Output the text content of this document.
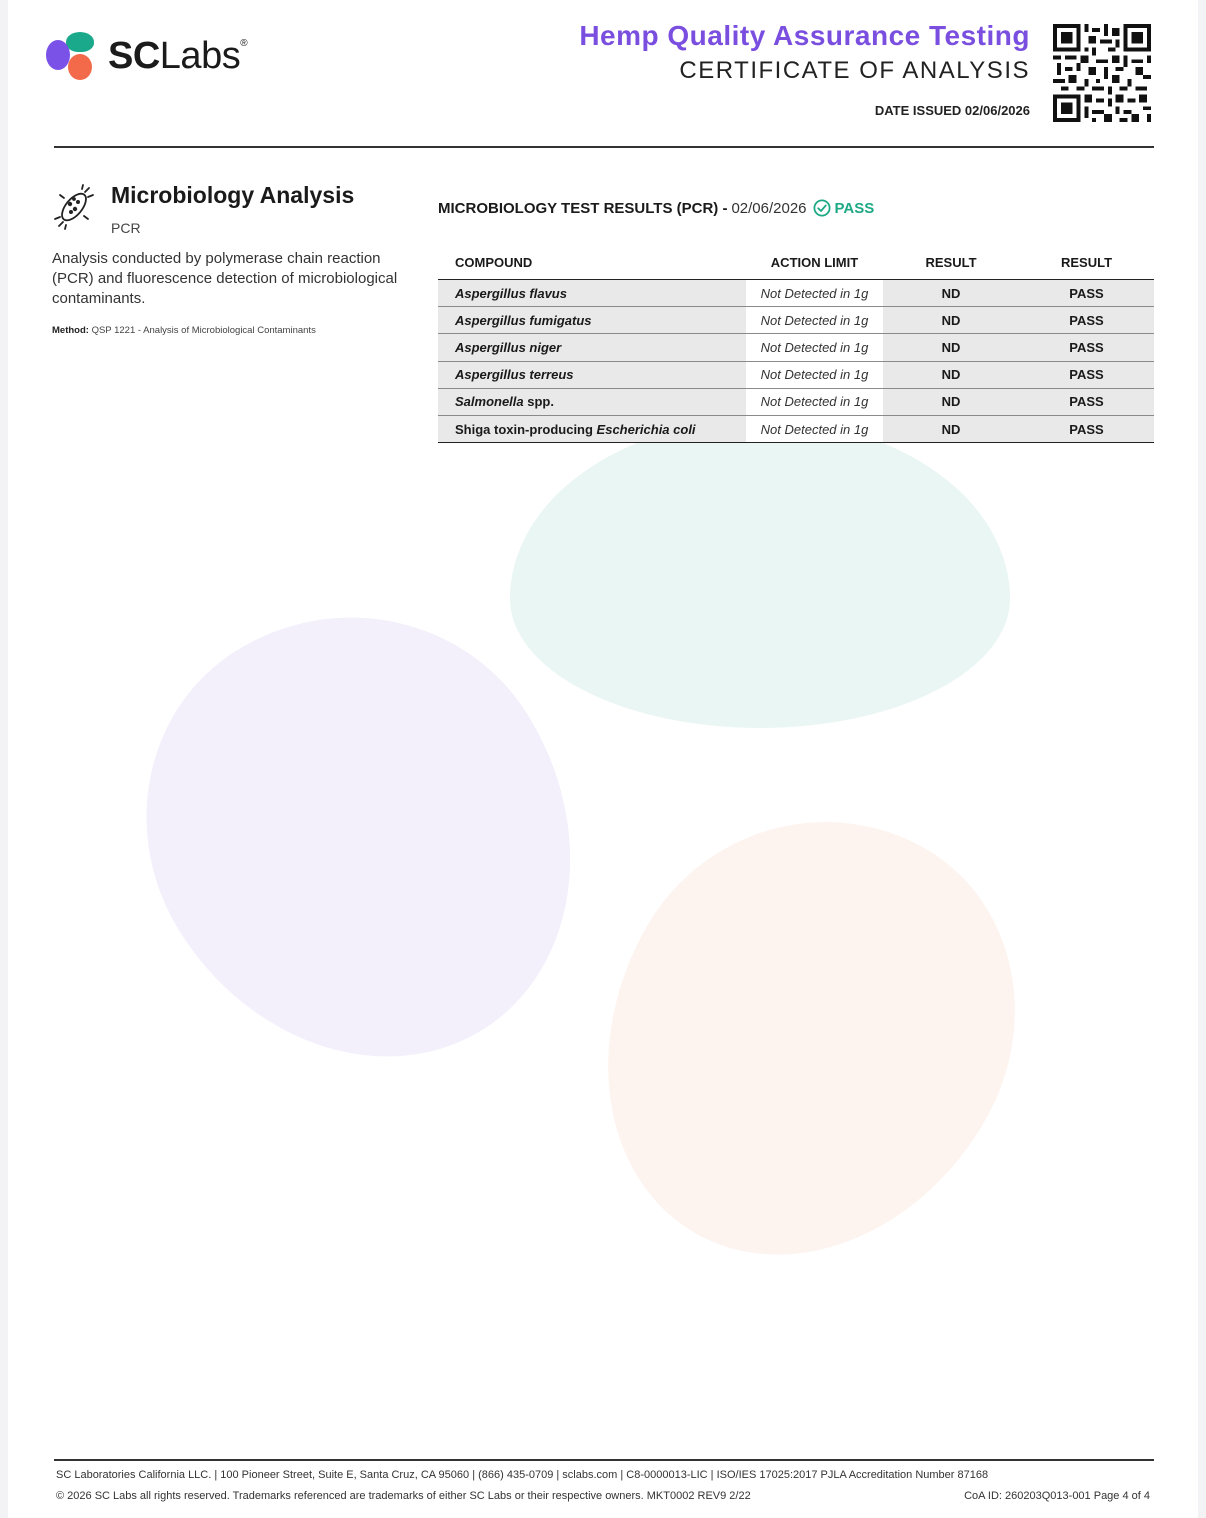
SCLabs®	Hemp Quality Assurance Testing
CERTIFICATE OF ANALYSIS
DATE ISSUED 02/06/2026
Microbiology Analysis
PCR
Analysis conducted by polymerase chain reaction (PCR) and fluorescence detection of microbiological contaminants.
Method: QSP 1221 - Analysis of Microbiological Contaminants
MICROBIOLOGY TEST RESULTS (PCR) - 02/06/2026 PASS
COMPOUND	ACTION LIMIT	RESULT	RESULT
Aspergillus flavus	Not Detected in 1g	ND	PASS
Aspergillus fumigatus	Not Detected in 1g	ND	PASS
Aspergillus niger	Not Detected in 1g	ND	PASS
Aspergillus terreus	Not Detected in 1g	ND	PASS
Salmonella spp.	Not Detected in 1g	ND	PASS
Shiga toxin-producing Escherichia coli	Not Detected in 1g	ND	PASS
SC Laboratories California LLC. | 100 Pioneer Street, Suite E, Santa Cruz, CA 95060 | (866) 435-0709 | sclabs.com | C8-0000013-LIC | ISO/IES 17025:2017 PJLA Accreditation Number 87168
© 2026 SC Labs all rights reserved. Trademarks referenced are trademarks of either SC Labs or their respective owners. MKT0002 REV9 2/22	CoA ID: 260203Q013-001 Page 4 of 4
